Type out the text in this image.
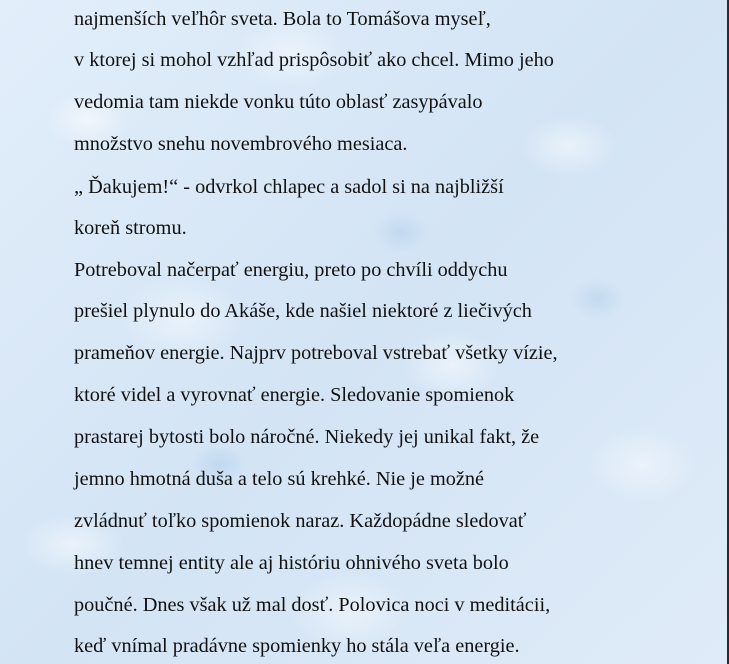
najmenších veľhôr sveta. Bola to Tomášova myseľ,
v ktorej si mohol vzhľad prispôsobiť ako chcel. Mimo jeho
vedomia tam niekde vonku túto oblasť zasypávalo
množstvo snehu novembrového mesiaca.
„ Ďakujem!“ - odvrkol chlapec a sadol si na najbližší
koreň stromu.
Potreboval načerpať energiu, preto po chvíli oddychu
prešiel plynulo do Akáše, kde našiel niektoré z liečivých
prameňov energie. Najprv potreboval vstrebať všetky vízie,
ktoré videl a vyrovnať energie. Sledovanie spomienok
prastarej bytosti bolo náročné. Niekedy jej unikal fakt, že
jemno hmotná duša a telo sú krehké. Nie je možné
zvládnuť toľko spomienok naraz. Každopádne sledovať
hnev temnej entity ale aj históriu ohnivého sveta bolo
poučné. Dnes však už mal dosť. Polovica noci v meditácii,
keď vnímal pradávne spomienky ho stála veľa energie.
